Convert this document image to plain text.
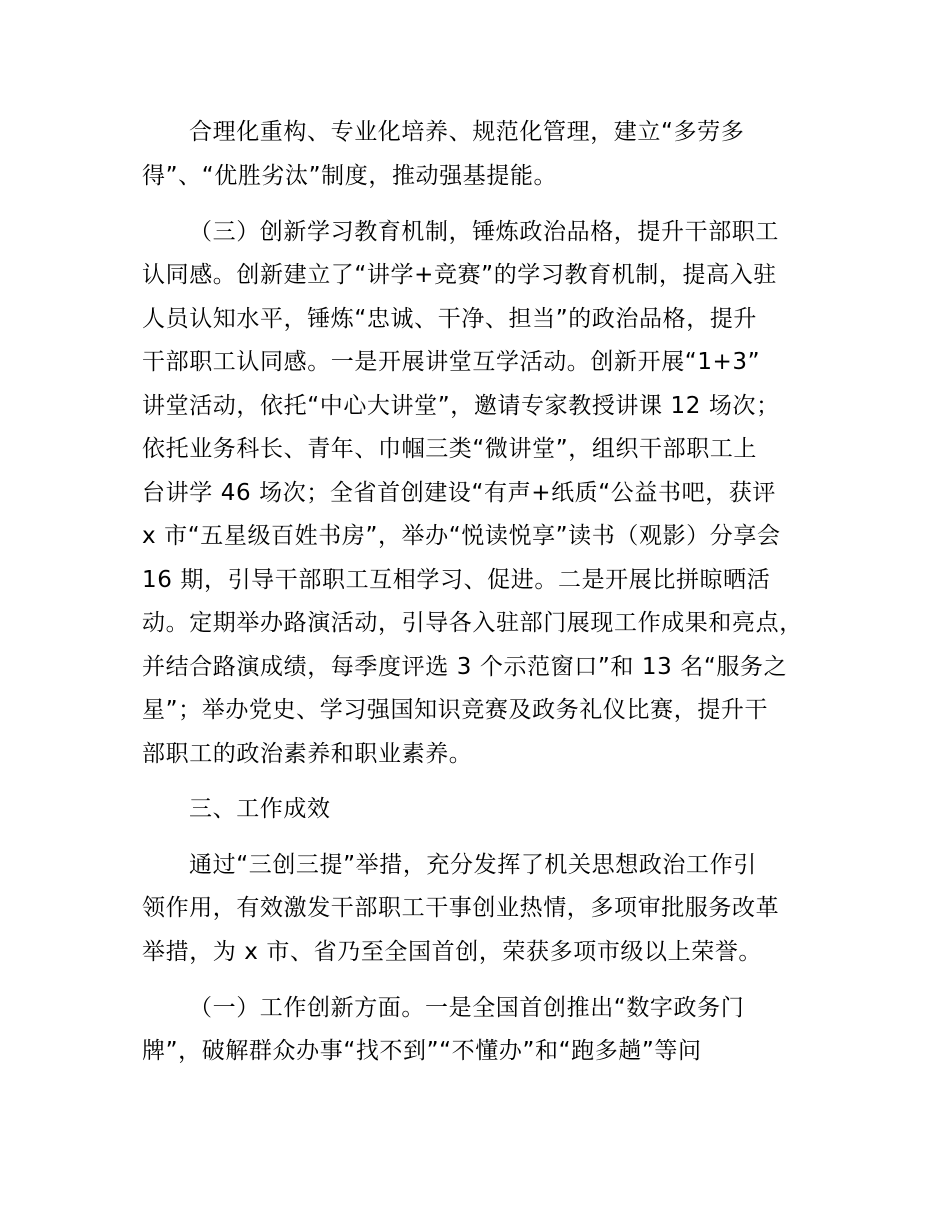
合理化重构、专业化培养、规范化管理，建立“多劳多
得”、“优胜劣汰”制度，推动强基提能。
（三）创新学习教育机制，锤炼政治品格，提升干部职工
认同感。创新建立了“讲学+竞赛”的学习教育机制，提高入驻
人员认知水平，锤炼“忠诚、干净、担当”的政治品格，提升
干部职工认同感。一是开展讲堂互学活动。创新开展“1+3”
讲堂活动，依托“中心大讲堂”，邀请专家教授讲课 12 场次；
依托业务科长、青年、巾帼三类“微讲堂”，组织干部职工上
台讲学 46 场次；全省首创建设“有声+纸质“公益书吧，获评
x 市“五星级百姓书房”，举办“悦读悦享”读书（观影）分享会
16 期，引导干部职工互相学习、促进。二是开展比拼晾晒活
动。定期举办路演活动，引导各入驻部门展现工作成果和亮点，
并结合路演成绩，每季度评选 3 个示范窗口”和 13 名“服务之
星”；举办党史、学习强国知识竞赛及政务礼仪比赛，提升干
部职工的政治素养和职业素养。
三、工作成效
通过“三创三提”举措，充分发挥了机关思想政治工作引
领作用，有效激发干部职工干事创业热情，多项审批服务改革
举措，为 x 市、省乃至全国首创，荣获多项市级以上荣誉。
（一）工作创新方面。一是全国首创推出“数字政务门
牌”，破解群众办事“找不到”“不懂办”和“跑多趟”等问
